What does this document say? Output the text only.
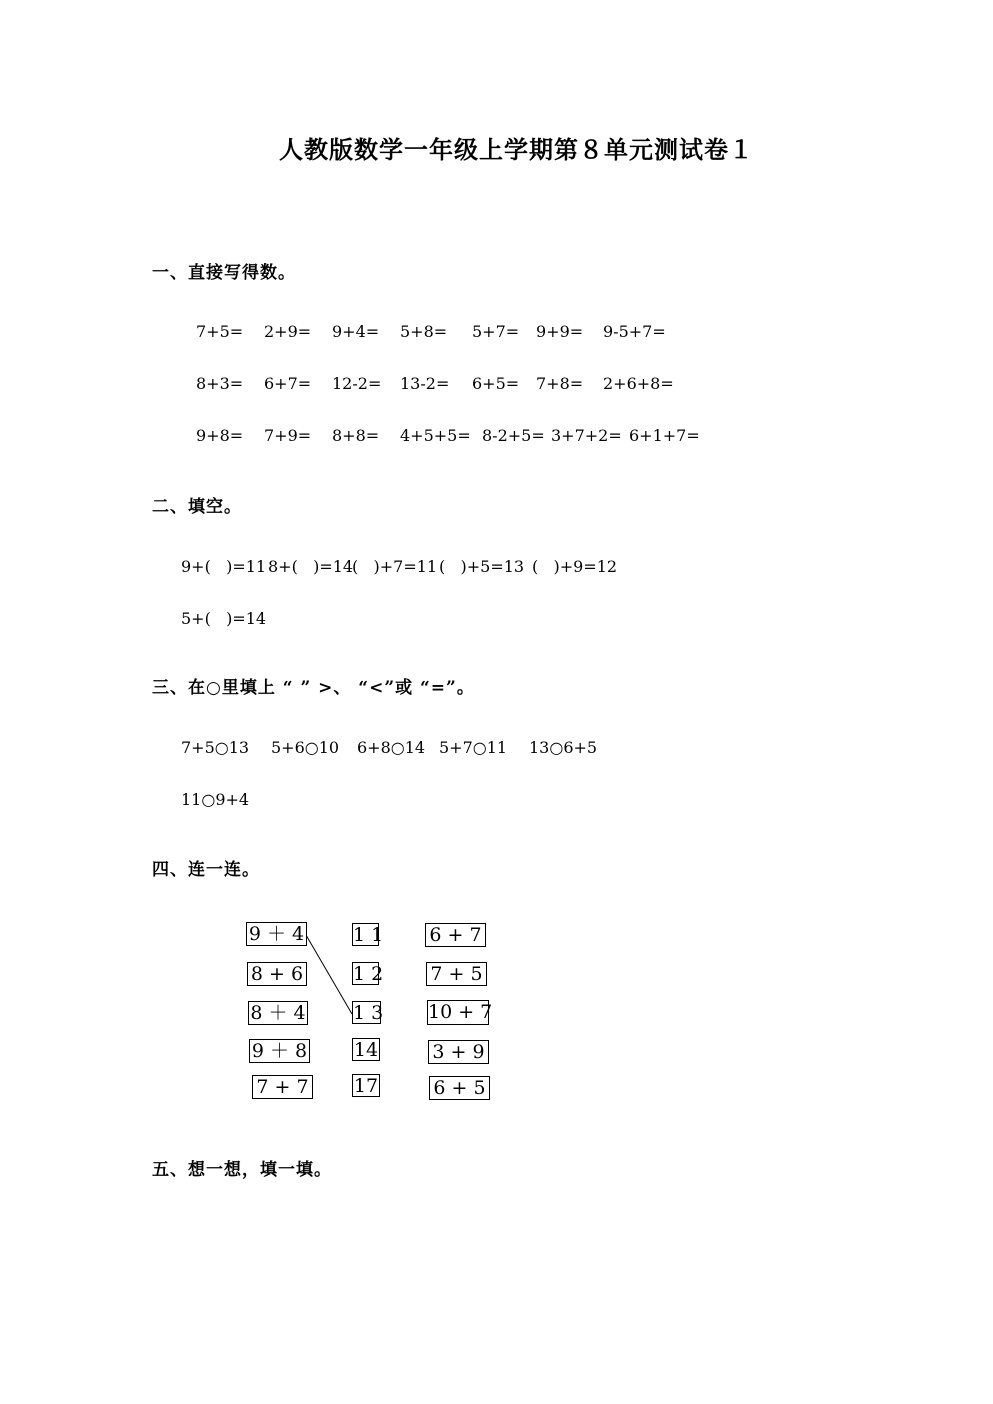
人教版数学一年级上学期第８单元测试卷１
一、直接写得数。
7+5= 2+9= 9+4= 5+8= 5+7= 9+9= 9-5+7=
8+3= 6+7= 12-2= 13-2= 6+5= 7+8= 2+6+8=
9+8= 7+9= 8+8= 4+5+5= 8-2+5= 3+7+2= 6+1+7=
二、填空。
9+(   )=11 8+(   )=14
(   )+7=11 (   )+5=13 (   )+9=12
5+(   )=14
三、在○里填上 “ ” >、 “<”或 “=”。
7+5○13 5+6○10 6+8○14 5+7○11 13○6+5
11○9+4
四、连一连。
9 ＋ 4
8 + 6
8 ＋ 4
9 ＋ 8
7 + 7
1 1
1 2
1 3
14
17
6 + 7
7 + 5
10 + 7
3 + 9
6 + 5
五、想一想，填一填。
